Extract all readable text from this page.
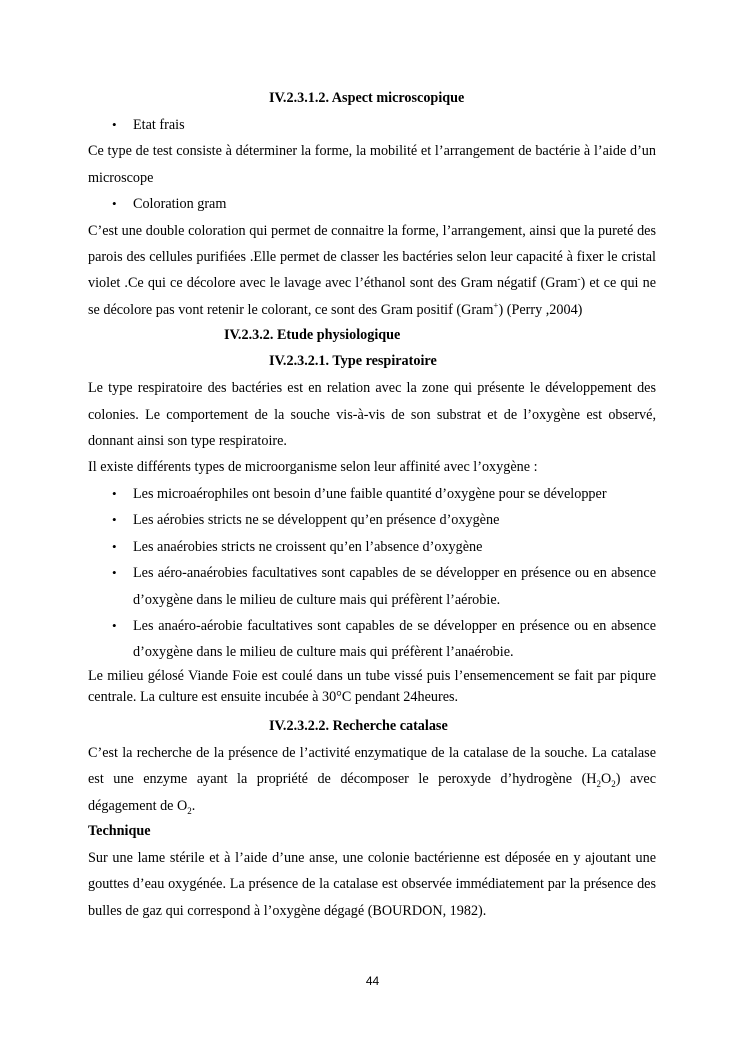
IV.2.3.1.2. Aspect microscopique
• Etat frais

Ce type de test consiste à déterminer la forme, la mobilité et l’arrangement de bactérie à l’aide d’un microscope

• Coloration gram

C’est une double coloration qui permet de connaitre la forme, l’arrangement, ainsi que la pureté des parois des cellules purifiées .Elle permet de classer les bactéries selon leur capacité à fixer le cristal violet .Ce qui ce décolore avec le lavage avec l’éthanol sont des Gram négatif (Gram-) et ce qui ne se décolore pas vont retenir le colorant, ce sont des Gram positif (Gram+) (Perry ,2004)

IV.2.3.2. Etude physiologique
IV.2.3.2.1. Type respiratoire

Le type respiratoire des bactéries est en relation avec la zone qui présente le développement des colonies. Le comportement de la souche vis-à-vis de son substrat et de l’oxygène est observé, donnant ainsi son type respiratoire.

Il existe différents types de microorganisme selon leur affinité avec l’oxygène :

• Les microaérophiles ont besoin d’une faible quantité d’oxygène pour se développer
• Les aérobies stricts ne se développent qu’en présence d’oxygène
• Les anaérobies stricts ne croissent qu’en l’absence d’oxygène
• Les aéro-anaérobies facultatives sont capables de se développer en présence ou en absence d’oxygène dans le milieu de culture mais qui préfèrent l’aérobie.
• Les anaéro-aérobie facultatives sont capables de se développer en présence ou en absence d’oxygène dans le milieu de culture mais qui préfèrent l’anaérobie.

Le milieu gélosé Viande Foie est coulé dans un tube vissé puis l’ensemencement se fait par piqure centrale. La culture est ensuite incubée à 30°C pendant 24heures.

IV.2.3.2.2. Recherche catalase

C’est la recherche de la présence de l’activité enzymatique de la catalase de la souche. La catalase est une enzyme ayant la propriété de décomposer le peroxyde d’hydrogène $(H_2O_2)$ avec dégagement de $O_2$.

Technique

Sur une lame stérile et à l’aide d’une anse, une colonie bactérienne est déposée en y ajoutant une gouttes d’eau oxygénée. La présence de la catalase est observée immédiatement par la présence des bulles de gaz qui correspond à l’oxygène dégagé (BOURDON, 1982).

44
